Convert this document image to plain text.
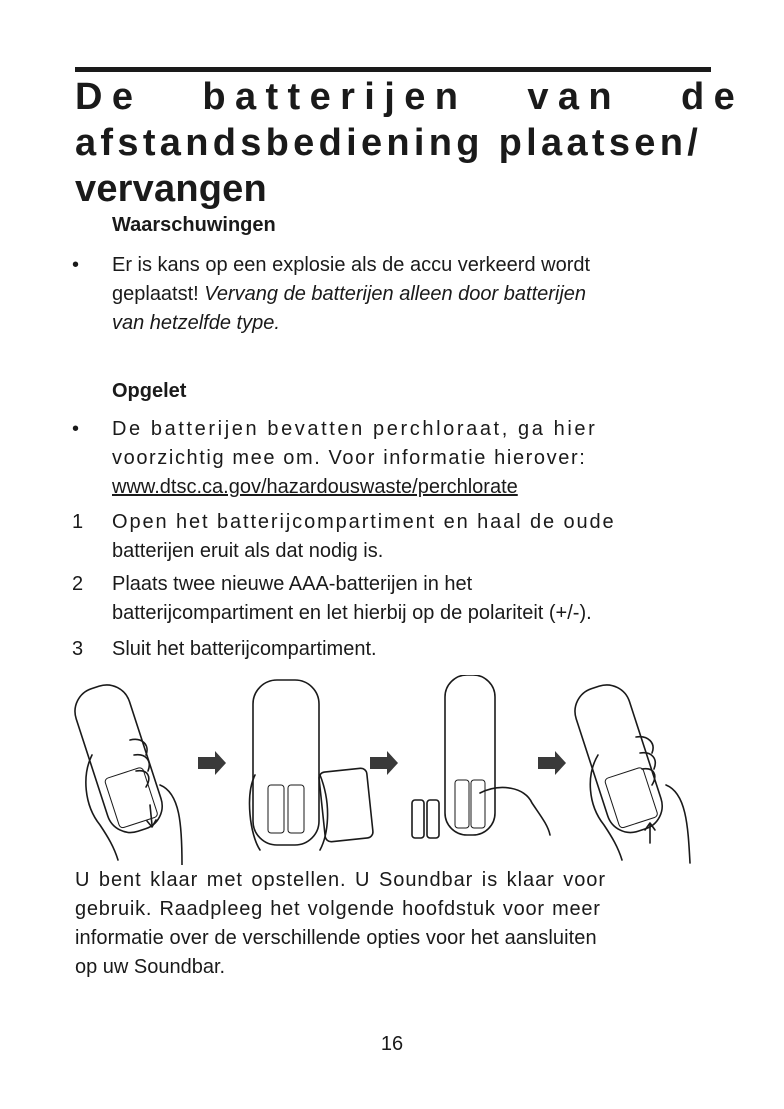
De batterijen van de
afstandsbediening plaatsen/
vervangen
Waarschuwingen
• Er is kans op een explosie als de accu verkeerd wordt
geplaatst! Vervang de batterijen alleen door batterijen
van hetzelfde type.
Opgelet
• De batterijen bevatten perchloraat, ga hier
voorzichtig mee om. Voor informatie hierover:
www.dtsc.ca.gov/hazardouswaste/perchlorate
1 Open het batterijcompartiment en haal de oude
batterijen eruit als dat nodig is.
2 Plaats twee nieuwe AAA-batterijen in het
batterijcompartiment en let hierbij op de polariteit (+/-).
3 Sluit het batterijcompartiment.
U bent klaar met opstellen. U Soundbar is klaar voor
gebruik. Raadpleeg het volgende hoofdstuk voor meer
informatie over de verschillende opties voor het aansluiten
op uw Soundbar.
16
